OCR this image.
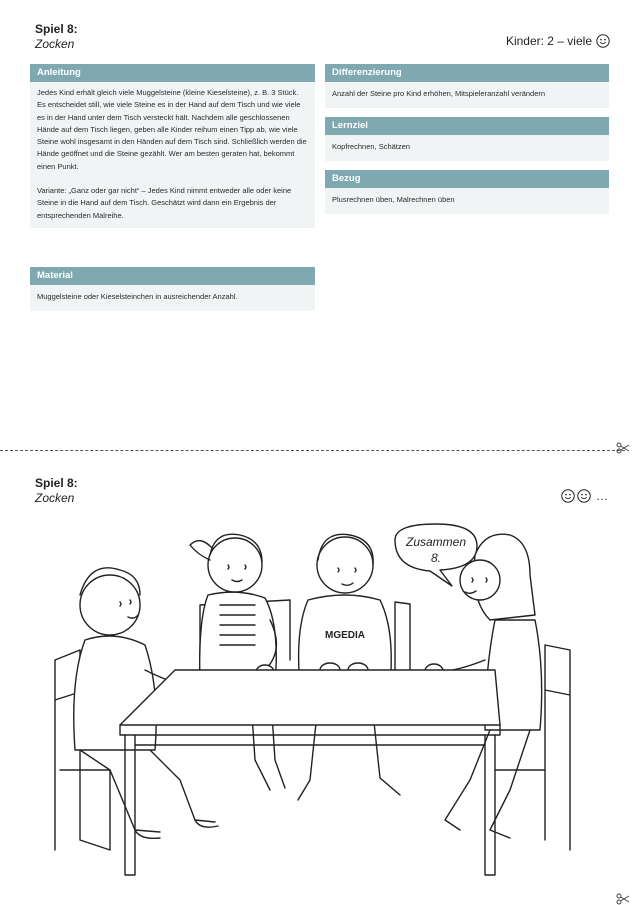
Spiel 8:
Zocken	Kinder: 2 – viele
Anleitung

Jedes Kind erhält gleich viele Muggelsteine (kleine Kieselsteine), z. B. 3 Stück. Es entscheidet still, wie viele Steine es in der Hand auf dem Tisch und wie viele es in der Hand unter dem Tisch versteckt hält. Nachdem alle geschlossenen Hände auf dem Tisch liegen, geben alle Kinder reihum einen Tipp ab, wie viele Steine wohl insgesamt in den Händen auf dem Tisch sind. Schließlich werden die Hände geöffnet und die Steine gezählt. Wer am besten geraten hat, bekommt einen Punkt.

Variante: „Ganz oder gar nicht“ – Jedes Kind nimmt entweder alle oder keine Steine in die Hand auf dem Tisch. Geschätzt wird dann ein Ergebnis der entsprechenden Malreihe.

Material
Muggelsteine oder Kieselsteinchen in ausreichender Anzahl.
Differenzierung
Anzahl der Steine pro Kind erhöhen, Mitspieleranzahl verändern
Lernziel
Kopfrechnen, Schätzen
Bezug
Plusrechnen üben, Malrechnen üben
Spiel 8:
Zocken	…
Zusammen
8.
MGEDIA
